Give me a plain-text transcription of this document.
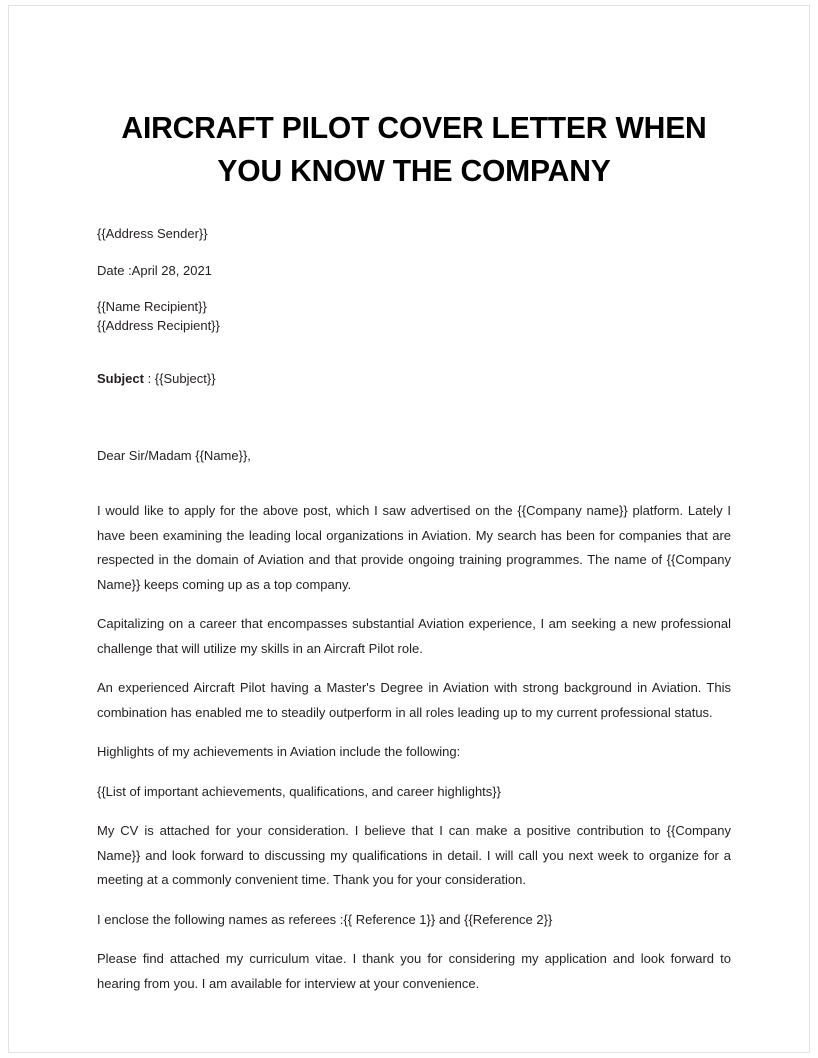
AIRCRAFT PILOT COVER LETTER WHEN YOU KNOW THE COMPANY
{{Address Sender}}
Date :April 28, 2021
{{Name Recipient}}
{{Address Recipient}}
Subject : {{Subject}}
Dear Sir/Madam {{Name}},

I would like to apply for the above post, which I saw advertised on the {{Company name}} platform. Lately I have been examining the leading local organizations in Aviation. My search has been for companies that are respected in the domain of Aviation and that provide ongoing training programmes. The name of {{Company Name}} keeps coming up as a top company.

Capitalizing on a career that encompasses substantial Aviation experience, I am seeking a new professional challenge that will utilize my skills in an Aircraft Pilot role.

An experienced Aircraft Pilot having a Master's Degree in Aviation with strong background in Aviation. This combination has enabled me to steadily outperform in all roles leading up to my current professional status.

Highlights of my achievements in Aviation include the following:

{{List of important achievements, qualifications, and career highlights}}

My CV is attached for your consideration. I believe that I can make a positive contribution to {{Company Name}} and look forward to discussing my qualifications in detail. I will call you next week to organize for a meeting at a commonly convenient time. Thank you for your consideration.

I enclose the following names as referees :{{ Reference 1}} and {{Reference 2}}

Please find attached my curriculum vitae. I thank you for considering my application and look forward to hearing from you. I am available for interview at your convenience.
